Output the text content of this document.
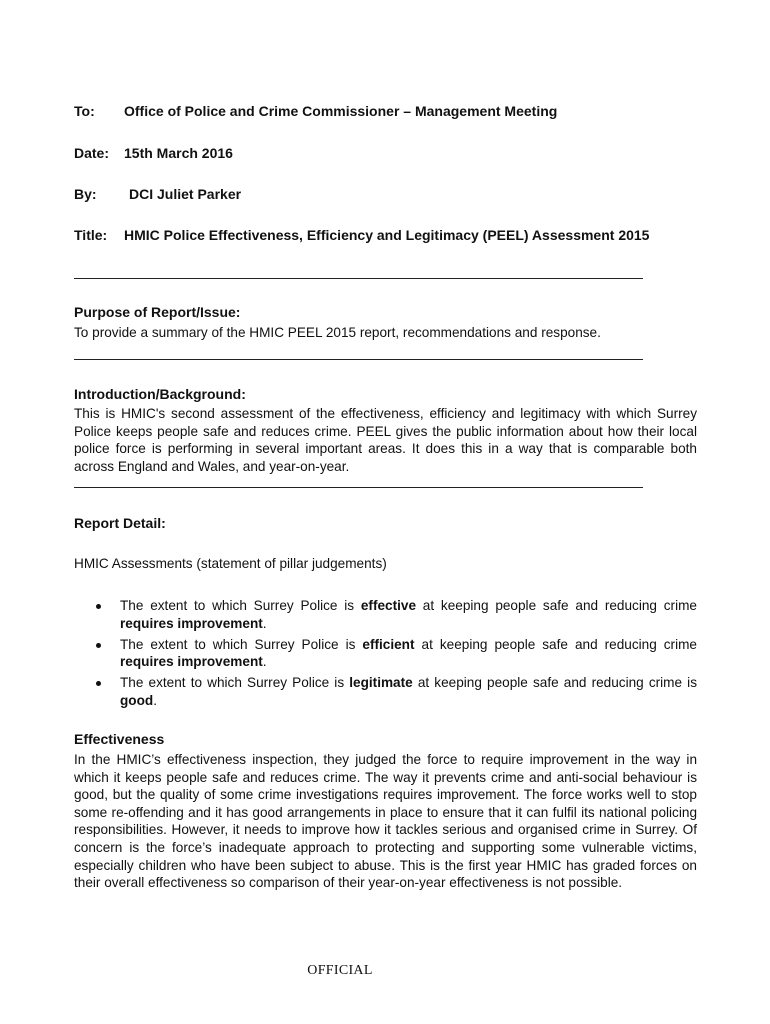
To: Office of Police and Crime Commissioner – Management Meeting
Date: 15th March 2016
By: DCI Juliet Parker
Title: HMIC Police Effectiveness, Efficiency and Legitimacy (PEEL) Assessment 2015
Purpose of Report/Issue:
To provide a summary of the HMIC PEEL 2015 report, recommendations and response.
Introduction/Background:
This is HMIC's second assessment of the effectiveness, efficiency and legitimacy with which Surrey Police keeps people safe and reduces crime. PEEL gives the public information about how their local police force is performing in several important areas. It does this in a way that is comparable both across England and Wales, and year-on-year.
Report Detail:
HMIC Assessments (statement of pillar judgements)
The extent to which Surrey Police is effective at keeping people safe and reducing crime requires improvement.
The extent to which Surrey Police is efficient at keeping people safe and reducing crime requires improvement.
The extent to which Surrey Police is legitimate at keeping people safe and reducing crime is good.
Effectiveness
In the HMIC’s effectiveness inspection, they judged the force to require improvement in the way in which it keeps people safe and reduces crime. The way it prevents crime and anti-social behaviour is good, but the quality of some crime investigations requires improvement. The force works well to stop some re-offending and it has good arrangements in place to ensure that it can fulfil its national policing responsibilities. However, it needs to improve how it tackles serious and organised crime in Surrey. Of concern is the force’s inadequate approach to protecting and supporting some vulnerable victims, especially children who have been subject to abuse. This is the first year HMIC has graded forces on their overall effectiveness so comparison of their year-on-year effectiveness is not possible.
OFFICIAL
